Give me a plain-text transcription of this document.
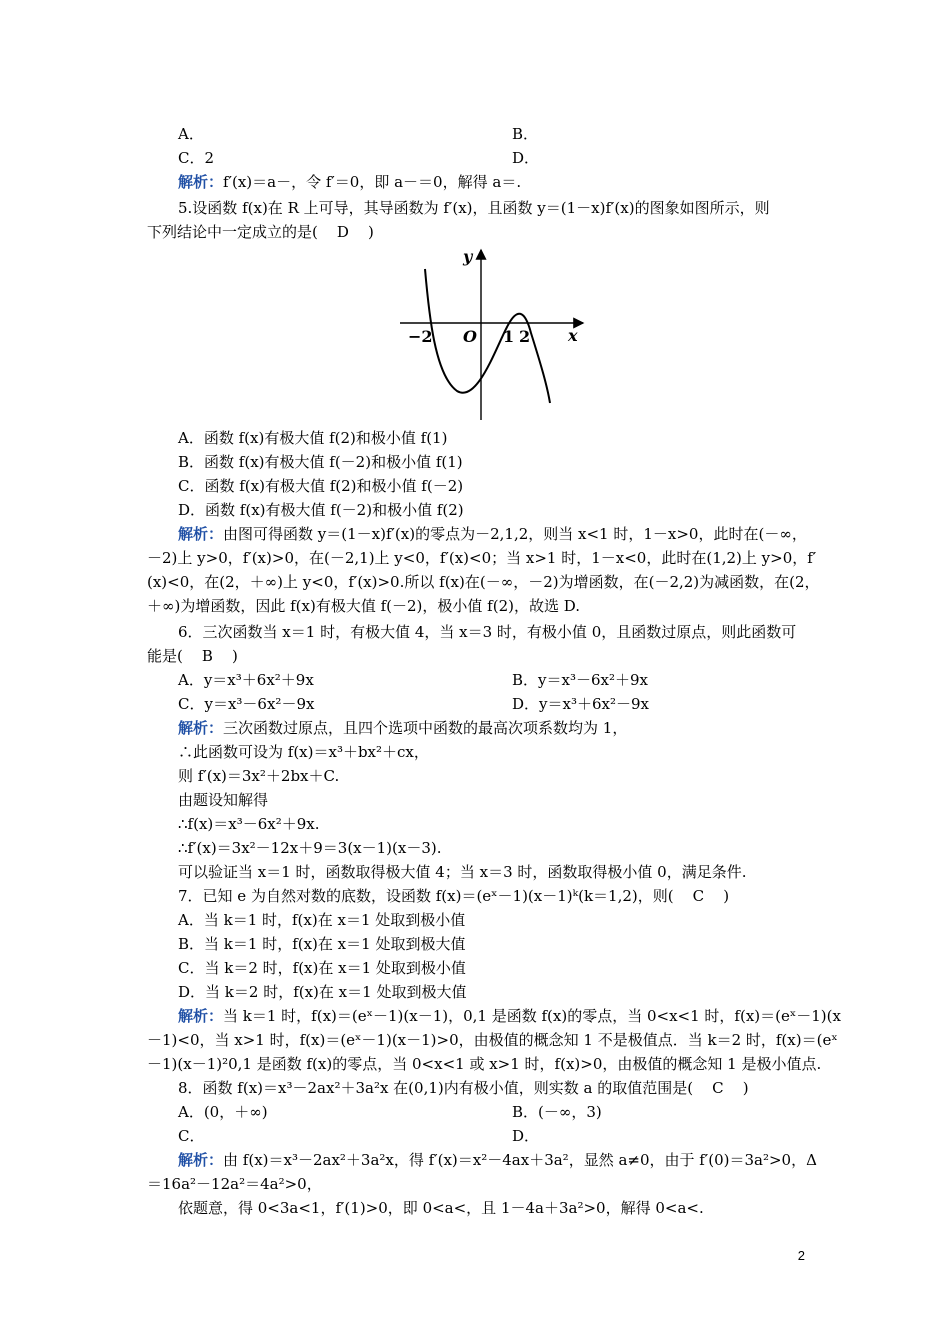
A．	B．
C．2	D．
解析：f′(x)＝a－，令 f′＝0，即 a－＝0，解得 a＝.
5.设函数 f(x)在 R 上可导，其导函数为 f′(x)，且函数 y＝(1－x)f′(x)的图象如图所示，则
下列结论中一定成立的是(    D    )
A．函数 f(x)有极大值 f(2)和极小值 f(1)
B．函数 f(x)有极大值 f(－2)和极小值 f(1)
C．函数 f(x)有极大值 f(2)和极小值 f(－2)
D．函数 f(x)有极大值 f(－2)和极小值 f(2)
解析：由图可得函数 y＝(1－x)f′(x)的零点为－2,1,2，则当 x<1 时，1－x>0，此时在(－∞，
－2)上 y>0，f′(x)>0，在(－2,1)上 y<0，f′(x)<0；当 x>1 时，1－x<0，此时在(1,2)上 y>0，f′
(x)<0，在(2，＋∞)上 y<0，f′(x)>0.所以 f(x)在(－∞，－2)为增函数，在(－2,2)为减函数，在(2，
＋∞)为增函数，因此 f(x)有极大值 f(－2)，极小值 f(2)，故选 D.
6．三次函数当 x＝1 时，有极大值 4，当 x＝3 时，有极小值 0，且函数过原点，则此函数可
能是(    B    )
A．y＝x³＋6x²＋9x	B．y＝x³－6x²＋9x
C．y＝x³－6x²－9x	D．y＝x³＋6x²－9x
解析：三次函数过原点，且四个选项中函数的最高次项系数均为 1，
∴此函数可设为 f(x)＝x³＋bx²＋cx，
则 f′(x)＝3x²＋2bx＋C.
由题设知解得
∴f(x)＝x³－6x²＋9x.
∴f′(x)＝3x²－12x＋9＝3(x－1)(x－3).
可以验证当 x＝1 时，函数取得极大值 4；当 x＝3 时，函数取得极小值 0，满足条件.
7．已知 e 为自然对数的底数，设函数 f(x)＝(eˣ－1)(x－1)ᵏ(k＝1,2)，则(    C    )
A．当 k＝1 时，f(x)在 x＝1 处取到极小值
B．当 k＝1 时，f(x)在 x＝1 处取到极大值
C．当 k＝2 时，f(x)在 x＝1 处取到极小值
D．当 k＝2 时，f(x)在 x＝1 处取到极大值
解析：当 k＝1 时，f(x)＝(eˣ－1)(x－1)，0,1 是函数 f(x)的零点，当 0<x<1 时，f(x)＝(eˣ－1)(x
－1)<0，当 x>1 时，f(x)＝(eˣ－1)(x－1)>0，由极值的概念知 1 不是极值点．当 k＝2 时，f(x)＝(eˣ
－1)(x－1)²0,1 是函数 f(x)的零点，当 0<x<1 或 x>1 时，f(x)>0，由极值的概念知 1 是极小值点.
8．函数 f(x)＝x³－2ax²＋3a²x 在(0,1)内有极小值，则实数 a 的取值范围是(    C    )
A．(0，＋∞)	B．(－∞，3)
C．	D．
解析：由 f(x)＝x³－2ax²＋3a²x，得 f′(x)＝x²－4ax＋3a²，显然 a≠0，由于 f′(0)＝3a²>0，Δ
＝16a²－12a²＝4a²>0，
依题意，得 0<3a<1，f′(1)>0，即 0<a<，且 1－4a＋3a²>0，解得 0<a<.
y
x
−2 O 1 2
2
